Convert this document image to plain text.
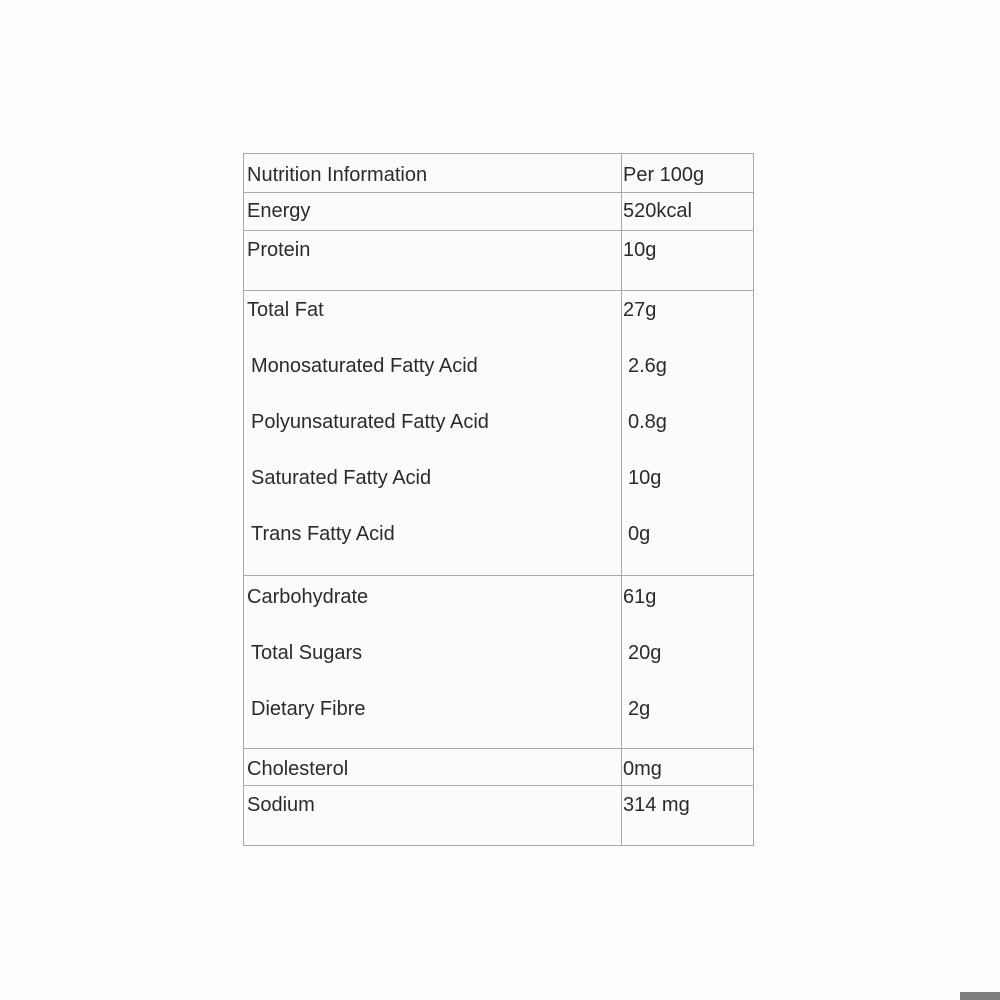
Nutrition Information	Per 100g
Energy	520kcal
Protein	10g
Total Fat	27g
Monosaturated Fatty Acid	2.6g
Polyunsaturated Fatty Acid	0.8g
Saturated Fatty Acid	10g
Trans Fatty Acid	0g
Carbohydrate	61g
Total Sugars	20g
Dietary Fibre	2g
Cholesterol	0mg
Sodium	314 mg
